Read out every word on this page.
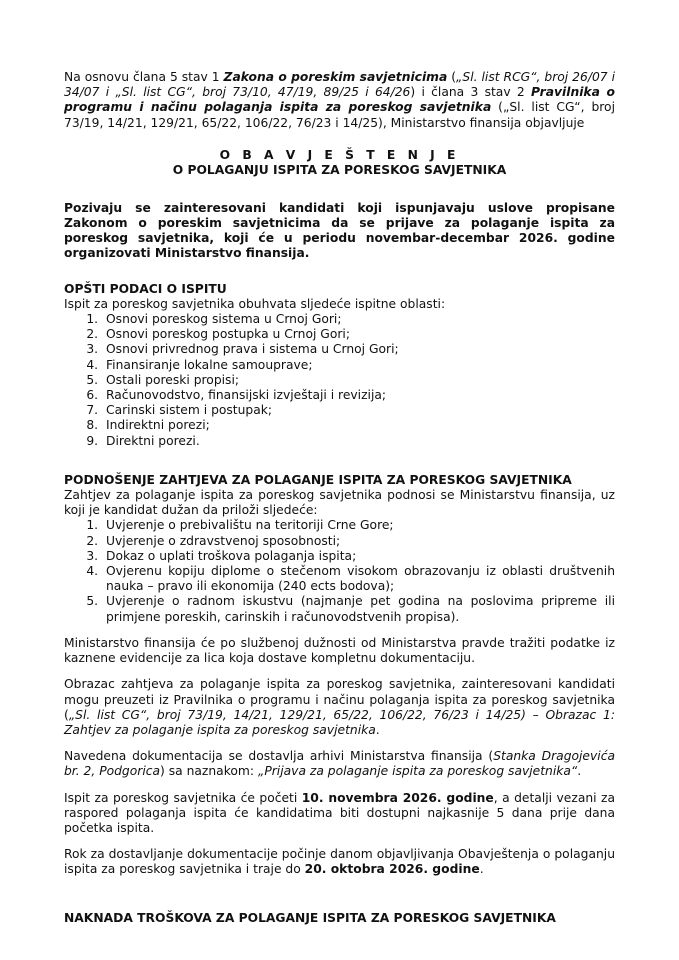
Na osnovu člana 5 stav 1 Zakona o poreskim savjetnicima („Sl. list RCG“, broj 26/07 i 34/07 i „Sl. list CG“, broj 73/10, 47/19, 89/25 i 64/26) i člana 3 stav 2 Pravilnika o programu i načinu polaganja ispita za poreskog savjetnika („Sl. list CG“, broj 73/19, 14/21, 129/21, 65/22, 106/22, 76/23 i 14/25), Ministarstvo finansija objavljuje

O B A V J E Š T E N J E
O POLAGANJU ISPITA ZA PORESKOG SAVJETNIKA

Pozivaju se zainteresovani kandidati koji ispunjavaju uslove propisane Zakonom o poreskim savjetnicima da se prijave za polaganje ispita za poreskog savjetnika, koji će u periodu novembar-decembar 2026. godine organizovati Ministarstvo finansija.

OPŠTI PODACI O ISPITU

Ispit za poreskog savjetnika obuhvata sljedeće ispitne oblasti:

1. Osnovi poreskog sistema u Crnoj Gori;
2. Osnovi poreskog postupka u Crnoj Gori;
3. Osnovi privrednog prava i sistema u Crnoj Gori;
4. Finansiranje lokalne samouprave;
5. Ostali poreski propisi;
6. Računovodstvo, finansijski izvještaji i revizija;
7. Carinski sistem i postupak;
8. Indirektni porezi;
9. Direktni porezi.
PODNOŠENJE ZAHTJEVA ZA POLAGANJE ISPITA ZA PORESKOG SAVJETNIKA

Zahtjev za polaganje ispita za poreskog savjetnika podnosi se Ministarstvu finansija, uz koji je kandidat dužan da priloži sljedeće:

1. Uvjerenje o prebivalištu na teritoriji Crne Gore;
2. Uvjerenje o zdravstvenoj sposobnosti;
3. Dokaz o uplati troškova polaganja ispita;
4. Ovjerenu kopiju diplome o stečenom visokom obrazovanju iz oblasti društvenih nauka – pravo ili ekonomija (240 ects bodova);
5. Uvjerenje o radnom iskustvu (najmanje pet godina na poslovima pripreme ili primjene poreskih, carinskih i računovodstvenih propisa).

Ministarstvo finansija će po službenoj dužnosti od Ministarstva pravde tražiti podatke iz kaznene evidencije za lica koja dostave kompletnu dokumentaciju.

Obrazac zahtjeva za polaganje ispita za poreskog savjetnika, zainteresovani kandidati mogu preuzeti iz Pravilnika o programu i načinu polaganja ispita za poreskog savjetnika („Sl. list CG“, broj 73/19, 14/21, 129/21, 65/22, 106/22, 76/23 i 14/25) – Obrazac 1: Zahtjev za polaganje ispita za poreskog savjetnika.

Navedena dokumentacija se dostavlja arhivi Ministarstva finansija (Stanka Dragojevića br. 2, Podgorica) sa naznakom: „Prijava za polaganje ispita za poreskog savjetnika“.

Ispit za poreskog savjetnika će početi 10. novembra 2026. godine, a detalji vezani za raspored polaganja ispita će kandidatima biti dostupni najkasnije 5 dana prije dana početka ispita.

Rok za dostavljanje dokumentacije počinje danom objavljivanja Obavještenja o polaganju ispita za poreskog savjetnika i traje do 20. oktobra 2026. godine.

NAKNADA TROŠKOVA ZA POLAGANJE ISPITA ZA PORESKOG SAVJETNIKA
